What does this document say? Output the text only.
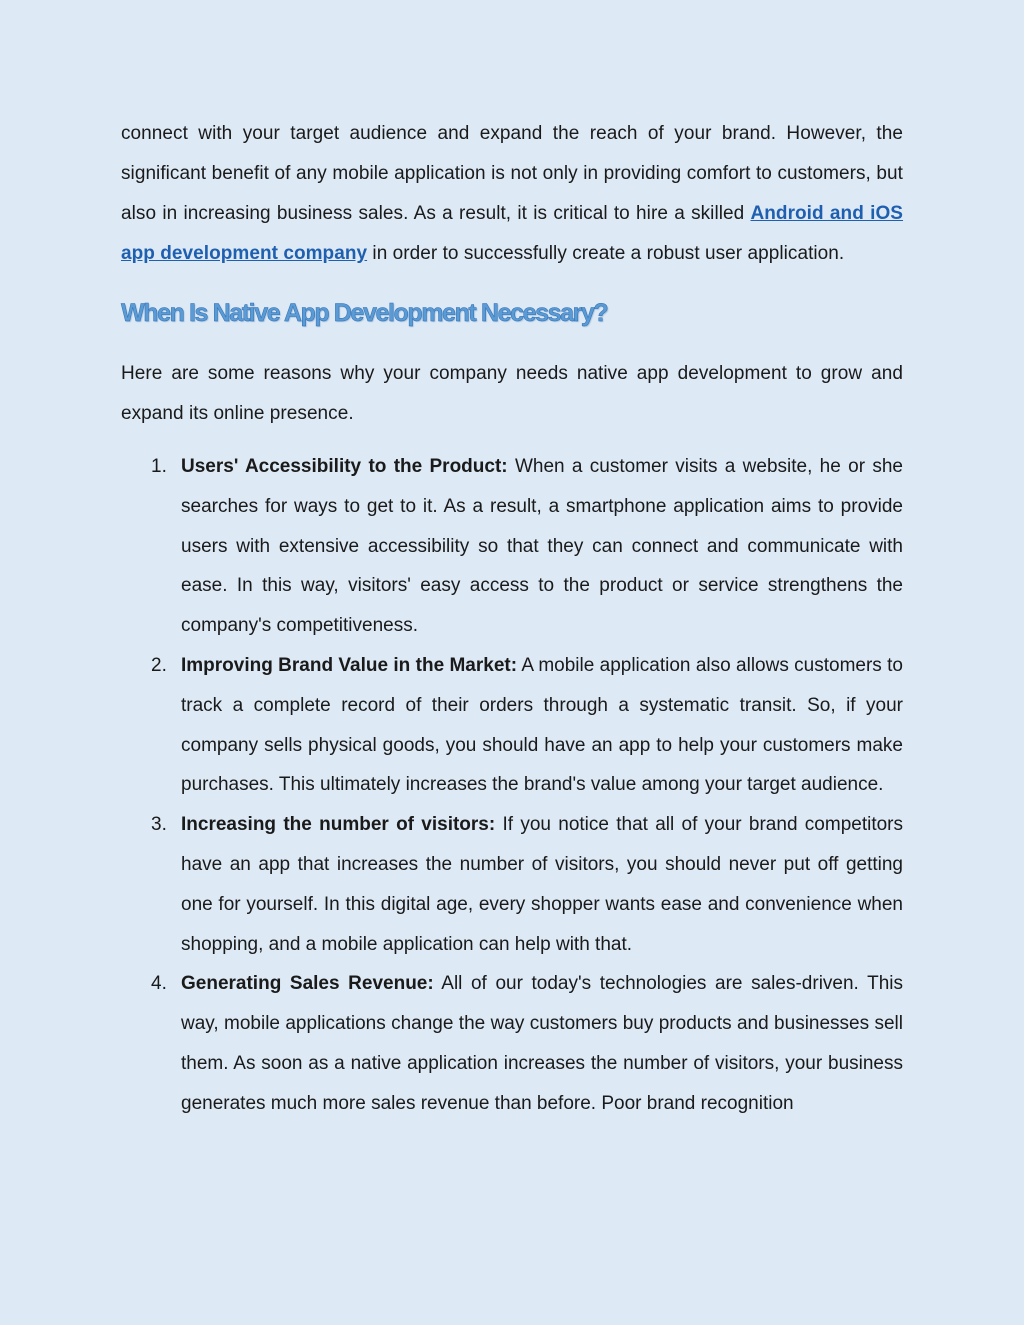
connect with your target audience and expand the reach of your brand. However, the significant benefit of any mobile application is not only in providing comfort to customers, but also in increasing business sales. As a result, it is critical to hire a skilled Android and iOS app development company in order to successfully create a robust user application.

When Is Native App Development Necessary?

Here are some reasons why your company needs native app development to grow and expand its online presence.

1. Users' Accessibility to the Product: When a customer visits a website, he or she searches for ways to get to it. As a result, a smartphone application aims to provide users with extensive accessibility so that they can connect and communicate with ease. In this way, visitors' easy access to the product or service strengthens the company's competitiveness.
2. Improving Brand Value in the Market: A mobile application also allows customers to track a complete record of their orders through a systematic transit. So, if your company sells physical goods, you should have an app to help your customers make purchases. This ultimately increases the brand's value among your target audience.
3. Increasing the number of visitors: If you notice that all of your brand competitors have an app that increases the number of visitors, you should never put off getting one for yourself. In this digital age, every shopper wants ease and convenience when shopping, and a mobile application can help with that.
4. Generating Sales Revenue: All of our today's technologies are sales-driven. This way, mobile applications change the way customers buy products and businesses sell them. As soon as a native application increases the number of visitors, your business generates much more sales revenue than before. Poor brand recognition
